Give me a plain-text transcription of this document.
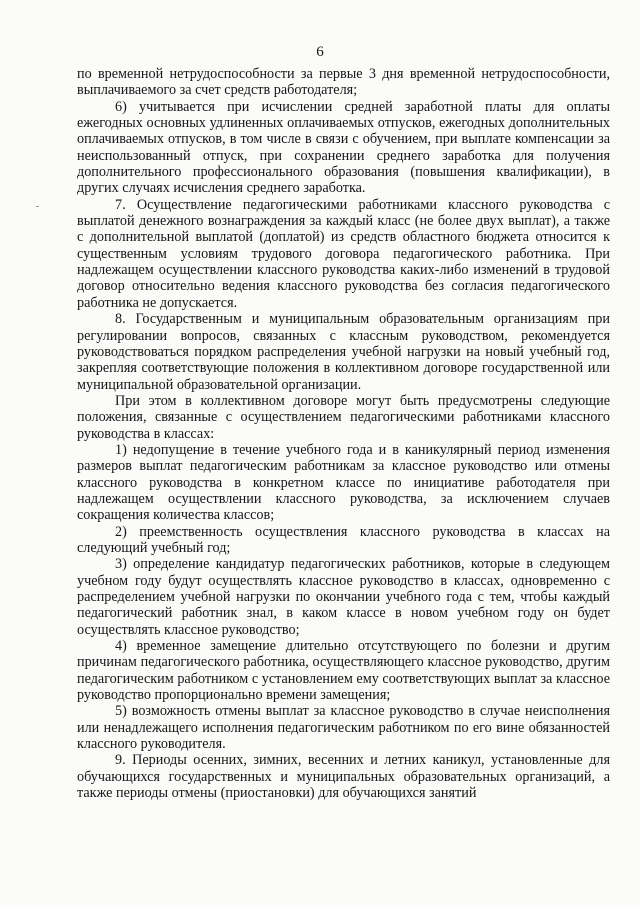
6

по временной нетрудоспособности за первые 3 дня временной нетрудоспособности, выплачиваемого за счет средств работодателя;

6) учитывается при исчислении средней заработной платы для оплаты ежегодных основных удлиненных оплачиваемых отпусков, ежегодных дополнительных оплачиваемых отпусков, в том числе в связи с обучением, при выплате компенсации за неиспользованный отпуск, при сохранении среднего заработка для получения дополнительного профессионального образования (повышения квалификации), в других случаях исчисления среднего заработка.

7. Осуществление педагогическими работниками классного руководства с выплатой денежного вознаграждения за каждый класс (не более двух выплат), а также с дополнительной выплатой (доплатой) из средств областного бюджета относится к существенным условиям трудового договора педагогического работника. При надлежащем осуществлении классного руководства каких-либо изменений в трудовой договор относительно ведения классного руководства без согласия педагогического работника не допускается.

8. Государственным и муниципальным образовательным организациям при регулировании вопросов, связанных с классным руководством, рекомендуется руководствоваться порядком распределения учебной нагрузки на новый учебный год, закрепляя соответствующие положения в коллективном договоре государственной или муниципальной образовательной организации.

При этом в коллективном договоре могут быть предусмотрены следующие положения, связанные с осуществлением педагогическими работниками классного руководства в классах:

1) недопущение в течение учебного года и в каникулярный период изменения размеров выплат педагогическим работникам за классное руководство или отмены классного руководства в конкретном классе по инициативе работодателя при надлежащем осуществлении классного руководства, за исключением случаев сокращения количества классов;

2) преемственность осуществления классного руководства в классах на следующий учебный год;

3) определение кандидатур педагогических работников, которые в следующем учебном году будут осуществлять классное руководство в классах, одновременно с распределением учебной нагрузки по окончании учебного года с тем, чтобы каждый педагогический работник знал, в каком классе в новом учебном году он будет осуществлять классное руководство;

4) временное замещение длительно отсутствующего по болезни и другим причинам педагогического работника, осуществляющего классное руководство, другим педагогическим работником с установлением ему соответствующих выплат за классное руководство пропорционально времени замещения;

5) возможность отмены выплат за классное руководство в случае неисполнения или ненадлежащего исполнения педагогическим работником по его вине обязанностей классного руководителя.

9. Периоды осенних, зимних, весенних и летних каникул, установленные для обучающихся государственных и муниципальных образовательных организаций, а также периоды отмены (приостановки) для обучающихся занятий
